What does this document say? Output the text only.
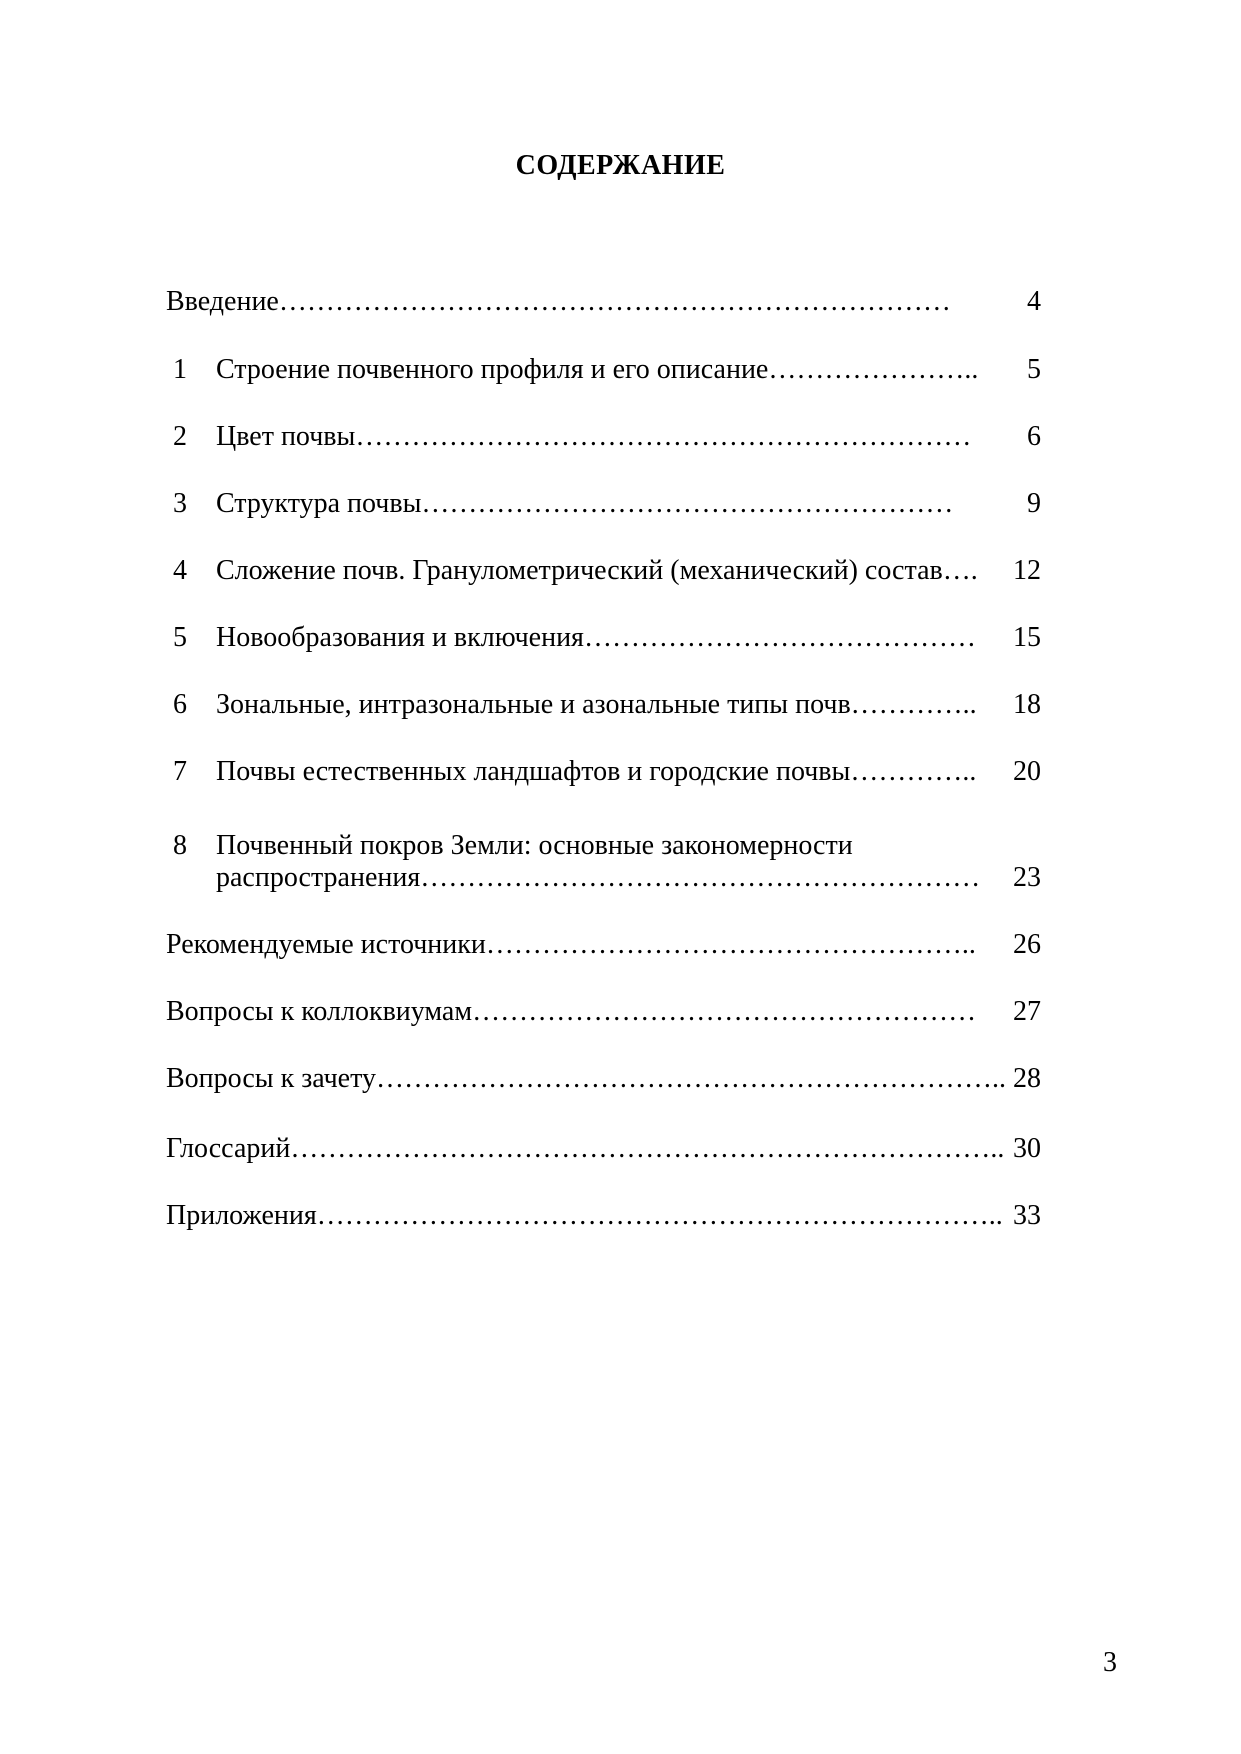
СОДЕРЖАНИЕ
Введение………………………………………………………………	4
1 Строение почвенного профиля и его описание………………….. 5
2 Цвет почвы………………………………………………………… 6
3 Структура почвы…………………………………………………	9
4 Сложение почв. Гранулометрический (механический) состав…. 12
5 Новообразования и включения…………………………………… 15
6 Зональные, интразональные и азональные типы почв………….. 18
7 Почвы естественных ландшафтов и городские почвы………….. 20
8 Почвенный покров Земли: основные закономерности
распространения…………………………………………………… 23
Рекомендуемые источники…………………………………………….. 26
Вопросы к коллоквиумам……………………………………………… 27
Вопросы к зачету………………………………………………………….. 28
Глоссарий………………………………………………………………….. 30
Приложения……………………………………………………………….. 33
3
